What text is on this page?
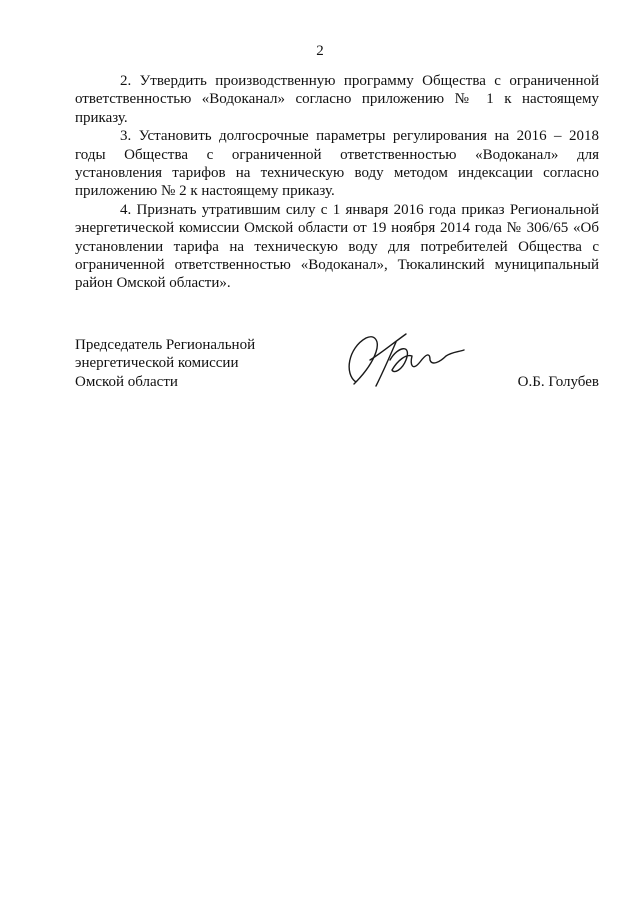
2

2. Утвердить производственную программу Общества с ограниченной ответственностью «Водоканал» согласно приложению № 1 к настоящему приказу.

3. Установить долгосрочные параметры регулирования на 2016 – 2018 годы Общества с ограниченной ответственностью «Водоканал» для установления тарифов на техническую воду методом индексации согласно приложению № 2 к настоящему приказу.

4. Признать утратившим силу с 1 января 2016 года приказ Региональной энергетической комиссии Омской области от 19 ноября 2014 года № 306/65 «Об установлении тарифа на техническую воду для потребителей Общества с ограниченной ответственностью «Водоканал», Тюкалинский муниципальный район Омской области».

Председатель Региональной
энергетической комиссии
Омской области	О.Б. Голубев
